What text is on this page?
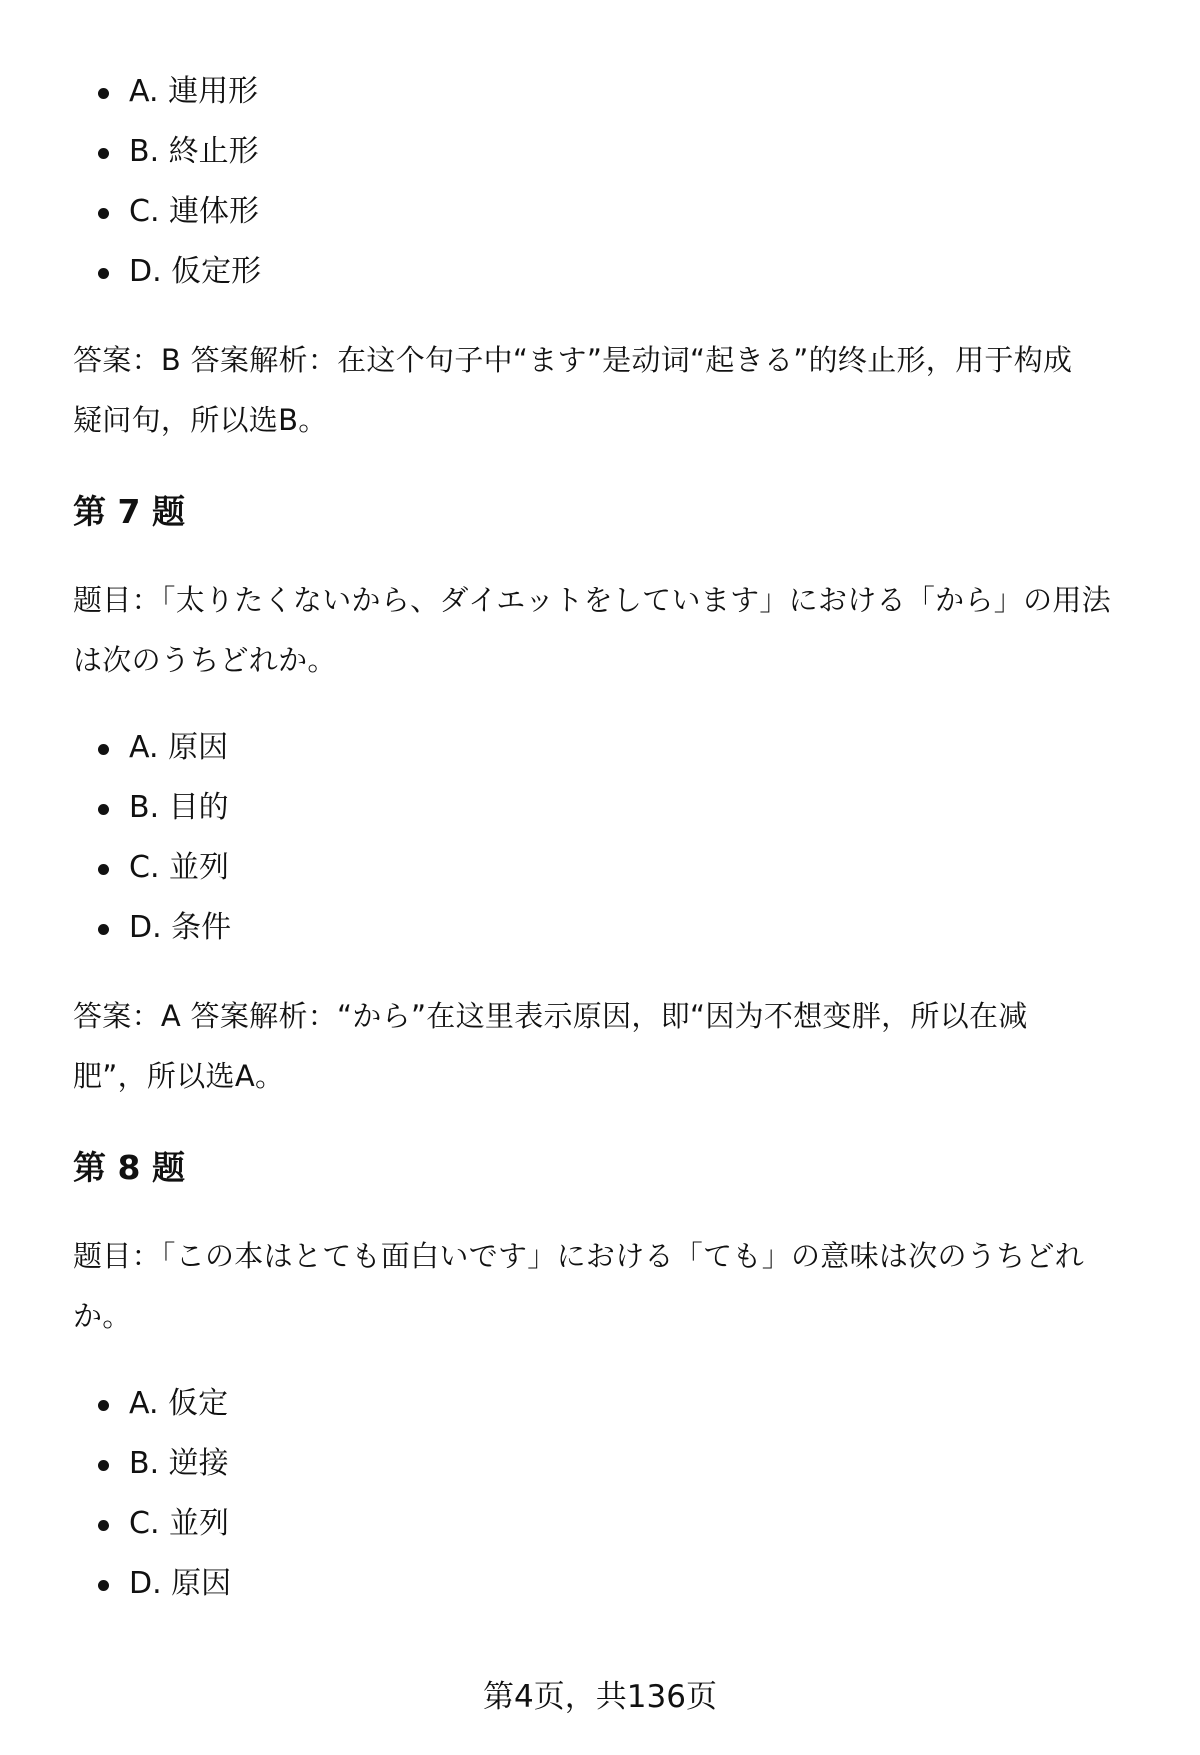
A. 連用形
B. 終止形
C. 連体形
D. 仮定形

答案：B 答案解析：在这个句子中“ます”是动词“起きる”的终止形，用于构成
疑问句，所以选B。

第 7 题

题目：「太りたくないから、ダイエットをしています」における「から」の用法
は次のうちどれか。

A. 原因
B. 目的
C. 並列
D. 条件

答案：A 答案解析：“から”在这里表示原因，即“因为不想变胖，所以在减
肥”，所以选A。

第 8 题

题目：「この本はとても面白いです」における「ても」の意味は次のうちどれ
か。

A. 仮定
B. 逆接
C. 並列
D. 原因
第4页，共136页
